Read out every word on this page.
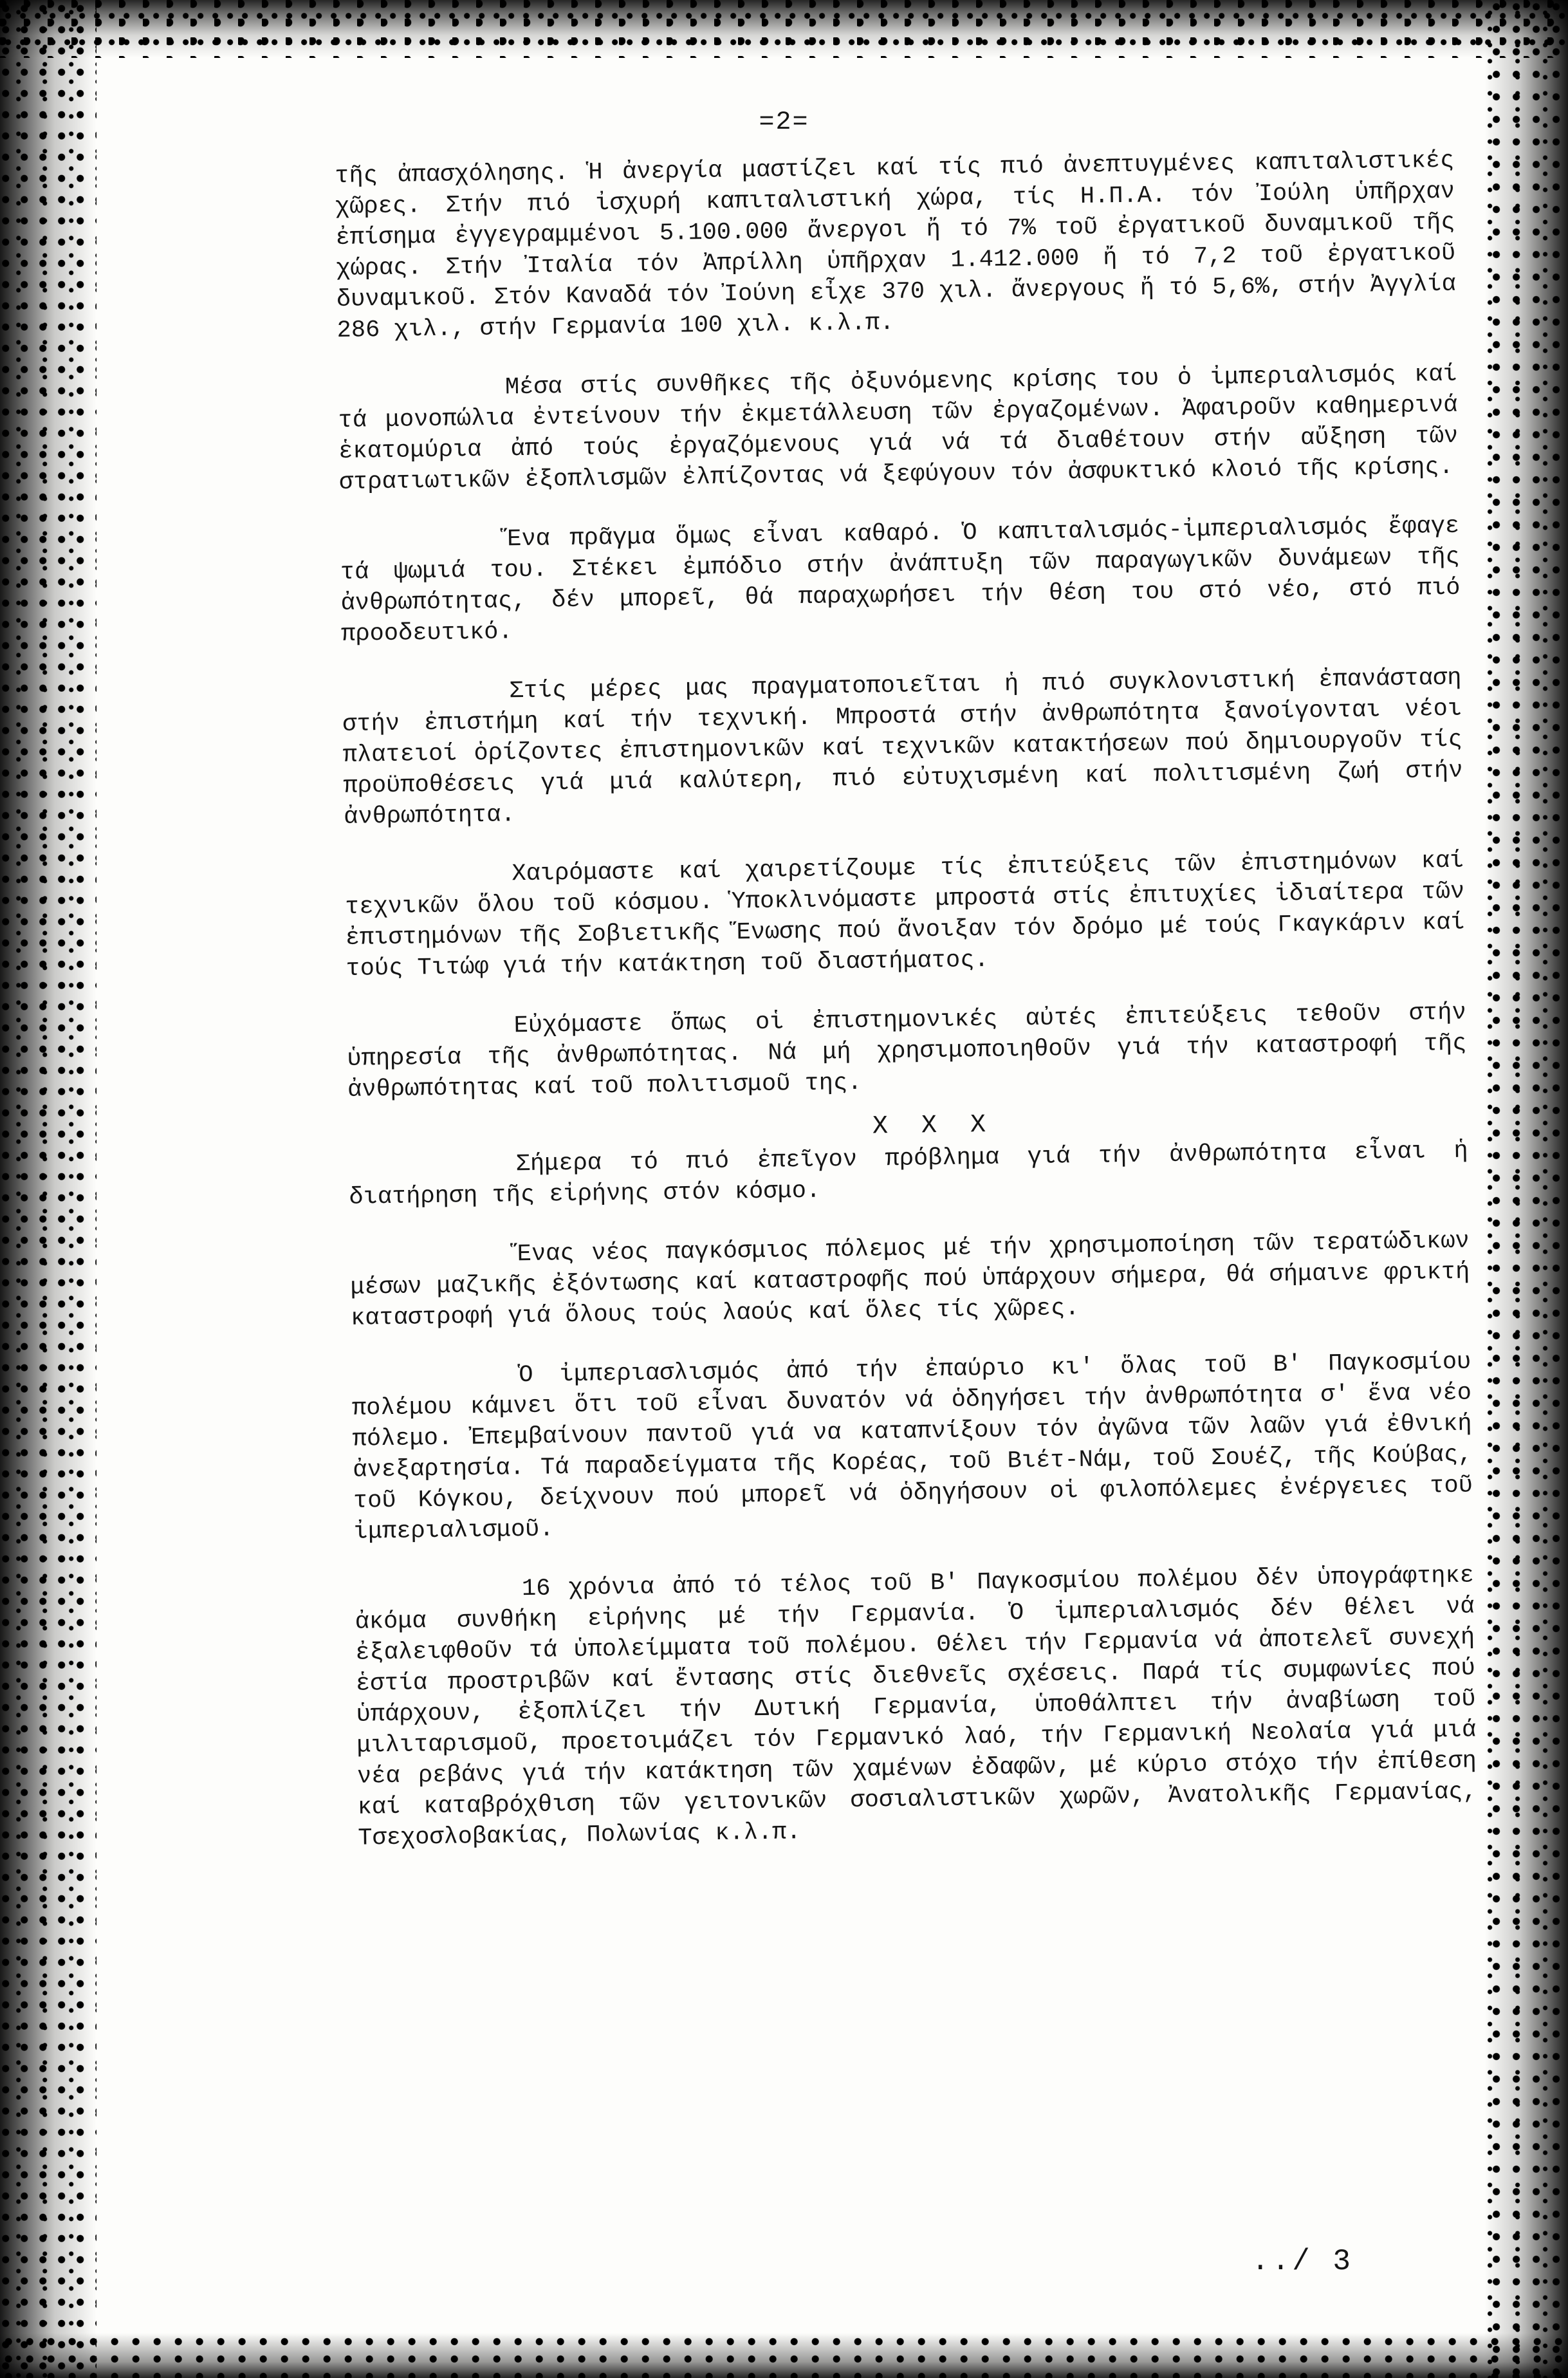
=2=

τῆς ἀπασχόλησης. Ἡ ἀνεργία μαστίζει καί τίς πιό ἀνεπτυγμένες καπιταλιστικές χῶρες. Στήν πιό ἰσχυρή καπιταλιστική χώρα, τίς Η.Π.Α. τόν Ἰούλη ὑπῆρχαν ἐπίσημα ἐγγεγραμμένοι 5.100.000 ἄνεργοι ἤ τό 7% τοῦ ἐργατικοῦ δυναμικοῦ τῆς χώρας. Στήν Ἰταλία τόν Ἀπρίλλη ὑπῆρχαν 1.412.000 ἤ τό 7,2 τοῦ ἐργατικοῦ δυναμικοῦ. Στόν Καναδά τόν Ἰούνη εἶχε 370 χιλ. ἄνεργους ἤ τό 5,6%, στήν Ἀγγλία 286 χιλ., στήν Γερμανία 100 χιλ. κ.λ.π.

Μέσα στίς συνθῆκες τῆς ὀξυνόμενης κρίσης του ὁ ἰμπεριαλισμός καί τά μονοπώλια ἐντείνουν τήν ἐκμετάλλευση τῶν ἐργαζομένων. Ἀφαιροῦν καθημερινά ἑκατομύρια ἀπό τούς ἐργαζόμενους γιά νά τά διαθέτουν στήν αὔξηση τῶν στρατιωτικῶν ἐξοπλισμῶν ἐλπίζοντας νά ξεφύγουν τόν ἀσφυκτικό κλοιό τῆς κρίσης.

Ἕνα πρᾶγμα ὅμως εἶναι καθαρό. Ὁ καπιταλισμός-ἰμπεριαλισμός ἔφαγε τά ψωμιά του. Στέκει ἐμπόδιο στήν ἀνάπτυξη τῶν παραγωγικῶν δυνάμεων τῆς ἀνθρωπότητας, δέν μπορεῖ, θά παραχωρήσει τήν θέση του στό νέο, στό πιό προοδευτικό.

Στίς μέρες μας πραγματοποιεῖται ἡ πιό συγκλονιστική ἐπανάσταση στήν ἐπιστήμη καί τήν τεχνική. Μπροστά στήν ἀνθρωπότητα ξανοίγονται νέοι πλατειοί ὁρίζοντες ἐπιστημονικῶν καί τεχνικῶν κατακτήσεων πού δημιουργοῦν τίς προϋποθέσεις γιά μιά καλύτερη, πιό εὐτυχισμένη καί πολιτισμένη ζωή στήν ἀνθρωπότητα.

Χαιρόμαστε καί χαιρετίζουμε τίς ἐπιτεύξεις τῶν ἐπιστημόνων καί τεχνικῶν ὅλου τοῦ κόσμου. Ὑποκλινόμαστε μπροστά στίς ἐπιτυχίες ἰδιαίτερα τῶν ἐπιστημόνων τῆς Σοβιετικῆς Ἕνωσης πού ἄνοιξαν τόν δρόμο μέ τούς Γκαγκάριν καί τούς Τιτώφ γιά τήν κατάκτηση τοῦ διαστήματος.

Εὐχόμαστε ὅπως οἱ ἐπιστημονικές αὐτές ἐπιτεύξεις τεθοῦν στήν ὑπηρεσία τῆς ἀνθρωπότητας. Νά μή χρησιμοποιηθοῦν γιά τήν καταστροφή τῆς ἀνθρωπότητας καί τοῦ πολιτισμοῦ της.

X X X

Σήμερα τό πιό ἐπεῖγον πρόβλημα γιά τήν ἀνθρωπότητα εἶναι ἡ διατήρηση τῆς εἰρήνης στόν κόσμο.

Ἕνας νέος παγκόσμιος πόλεμος μέ τήν χρησιμοποίηση τῶν τερατώδικων μέσων μαζικῆς ἐξόντωσης καί καταστροφῆς πού ὑπάρχουν σήμερα, θά σήμαινε φρικτή καταστροφή γιά ὅλους τούς λαούς καί ὅλες τίς χῶρες.

Ὁ ἰμπεριασλισμός ἀπό τήν ἐπαύριο κι' ὅλας τοῦ Β' Παγκοσμίου πολέμου κάμνει ὅτι τοῦ εἶναι δυνατόν νά ὁδηγήσει τήν ἀνθρωπότητα σ' ἕνα νέο πόλεμο. Ἐπεμβαίνουν παντοῦ γιά να καταπνίξουν τόν ἀγῶνα τῶν λαῶν γιά ἐθνική ἀνεξαρτησία. Τά παραδείγματα τῆς Κορέας, τοῦ Βιέτ-Νάμ, τοῦ Σουέζ, τῆς Κούβας, τοῦ Κόγκου, δείχνουν πού μπορεῖ νά ὁδηγήσουν οἱ φιλοπόλεμες ἐνέργειες τοῦ ἰμπεριαλισμοῦ.

16 χρόνια ἀπό τό τέλος τοῦ Β' Παγκοσμίου πολέμου δέν ὑπογράφτηκε ἀκόμα συνθήκη εἰρήνης μέ τήν Γερμανία. Ὁ ἰμπεριαλισμός δέν θέλει νά ἐξαλειφθοῦν τά ὑπολείμματα τοῦ πολέμου. Θέλει τήν Γερμανία νά ἀποτελεῖ συνεχή ἑστία προστριβῶν καί ἔντασης στίς διεθνεῖς σχέσεις. Παρά τίς συμφωνίες πού ὑπάρχουν, ἐξοπλίζει τήν Δυτική Γερμανία, ὑποθάλπτει τήν ἀναβίωση τοῦ μιλιταρισμοῦ, προετοιμάζει τόν Γερμανικό λαό, τήν Γερμανική Νεολαία γιά μιά νέα ρεβάνς γιά τήν κατάκτηση τῶν χαμένων ἐδαφῶν, μέ κύριο στόχο τήν ἐπίθεση καί καταβρόχθιση τῶν γειτονικῶν σοσιαλιστικῶν χωρῶν, Ἀνατολικῆς Γερμανίας, Τσεχοσλοβακίας, Πολωνίας κ.λ.π.

../ 3
